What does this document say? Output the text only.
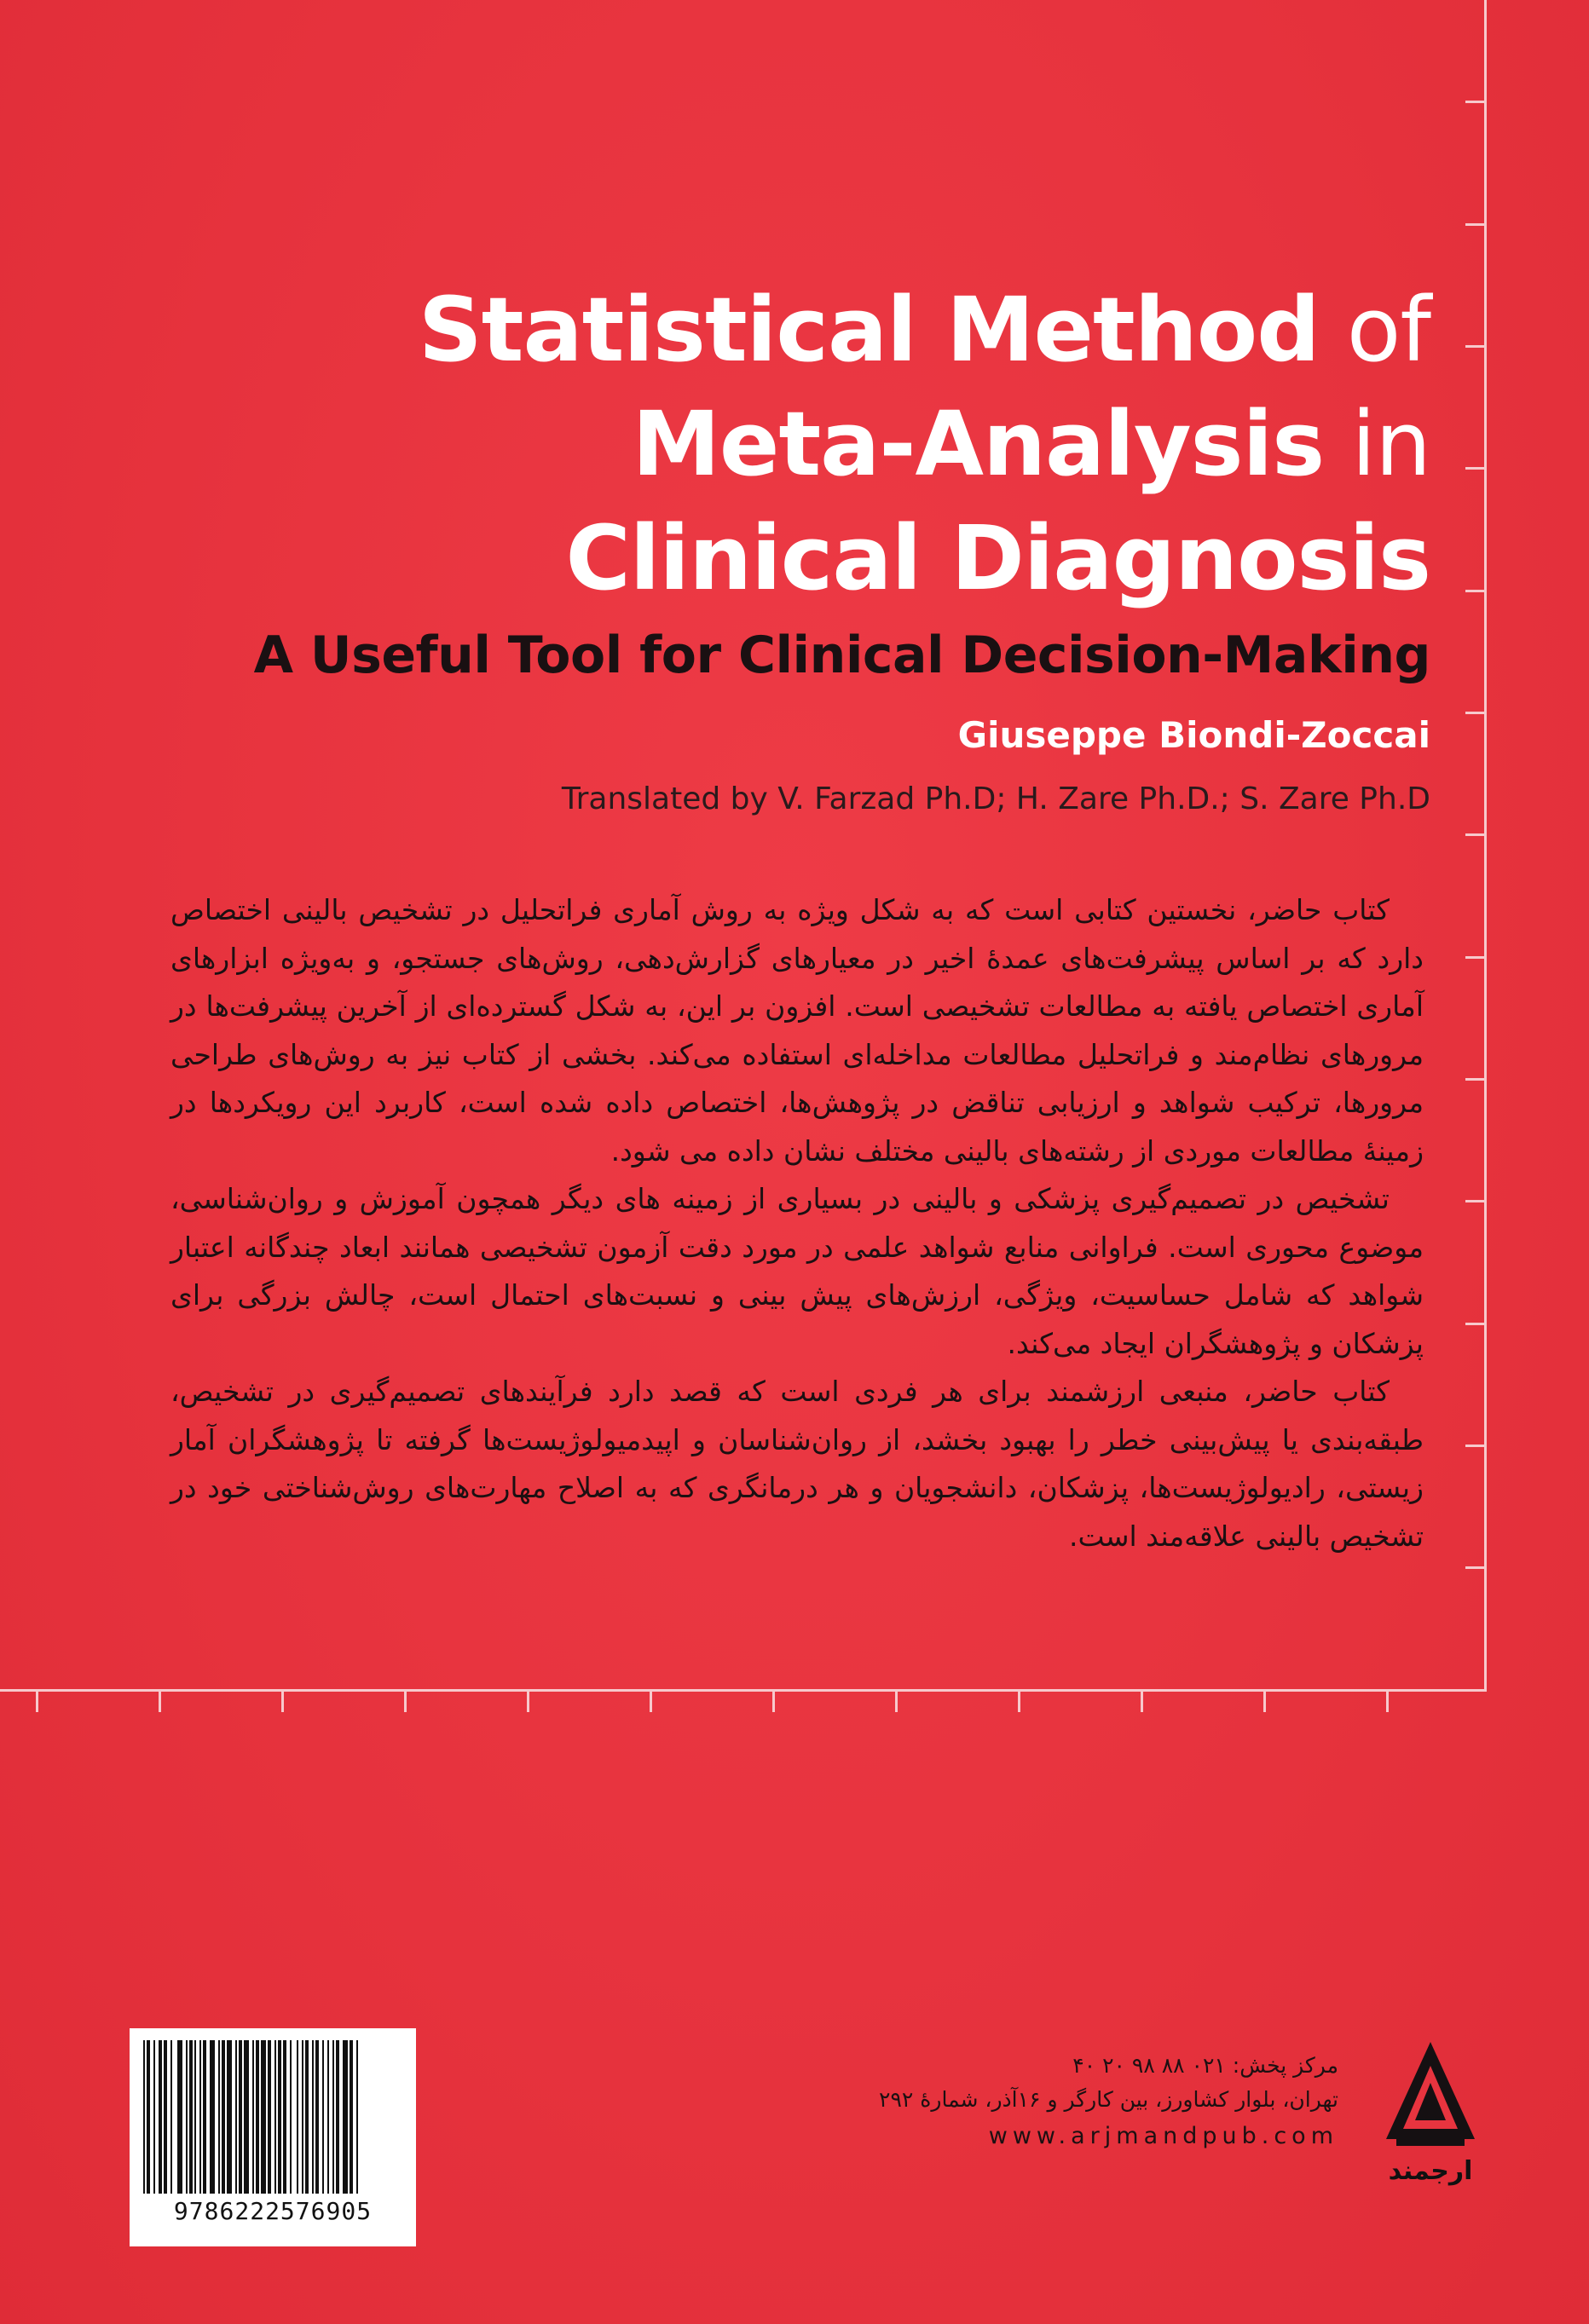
Statistical Method of
Meta-Analysis in
Clinical Diagnosis
A Useful Tool for Clinical Decision-Making
Giuseppe Biondi-Zoccai
Translated by V. Farzad Ph.D; H. Zare Ph.D.; S. Zare Ph.D

کتاب حاضر، نخستین کتابی است که به شکل ویژه به روش آماری فراتحلیل در تشخیص بالینی اختصاص دارد که بر اساس پیشرفت‌های عمدهٔ اخیر در معیارهای گزارش‌دهی، روش‌های جستجو، و به‌ویژه ابزارهای آماری اختصاص یافته به مطالعات تشخیصی است. افزون بر این، به شکل گسترده‌ای از آخرین پیشرفت‌ها در مرورهای نظام‌مند و فراتحلیل مطالعات مداخله‌ای استفاده می‌کند. بخشی از کتاب نیز به روش‌های طراحی مرورها، ترکیب شواهد و ارزیابی تناقض در پژوهش‌ها، اختصاص داده شده است، کاربرد این رویکردها در زمینهٔ مطالعات موردی از رشته‌های بالینی مختلف نشان داده می شود.

تشخیص در تصمیم‌گیری پزشکی و بالینی در بسیاری از زمینه های دیگر همچون آموزش و روان‌شناسی، موضوع محوری است. فراوانی منابع شواهد علمی در مورد دقت آزمون تشخیصی همانند ابعاد چندگانه اعتبار شواهد که شامل حساسیت، ویژگی، ارزش‌های پیش بینی و نسبت‌های احتمال است، چالش بزرگی برای پزشکان و پژوهشگران ایجاد می‌کند.

کتاب حاضر، منبعی ارزشمند برای هر فردی است که قصد دارد فرآیندهای تصمیم‌گیری در تشخیص، طبقه‌بندی یا پیش‌بینی خطر را بهبود بخشد، از روان‌شناسان و اپیدمیولوژیست‌ها گرفته تا پژوهشگران آمار زیستی، رادیولوژیست‌ها، پزشکان، دانشجویان و هر درمانگری که به اصلاح مهارت‌های روش‌شناختی خود در تشخیص بالینی علاقه‌مند است.

9786222576905
مرکز پخش: ۰۲۱ ۸۸ ۹۸ ۲۰ ۴۰
تهران، بلوار کشاورز، بین کارگر و ۱۶آذر، شمارهٔ ۲۹۲
www.arjmandpub.com
ارجمند
